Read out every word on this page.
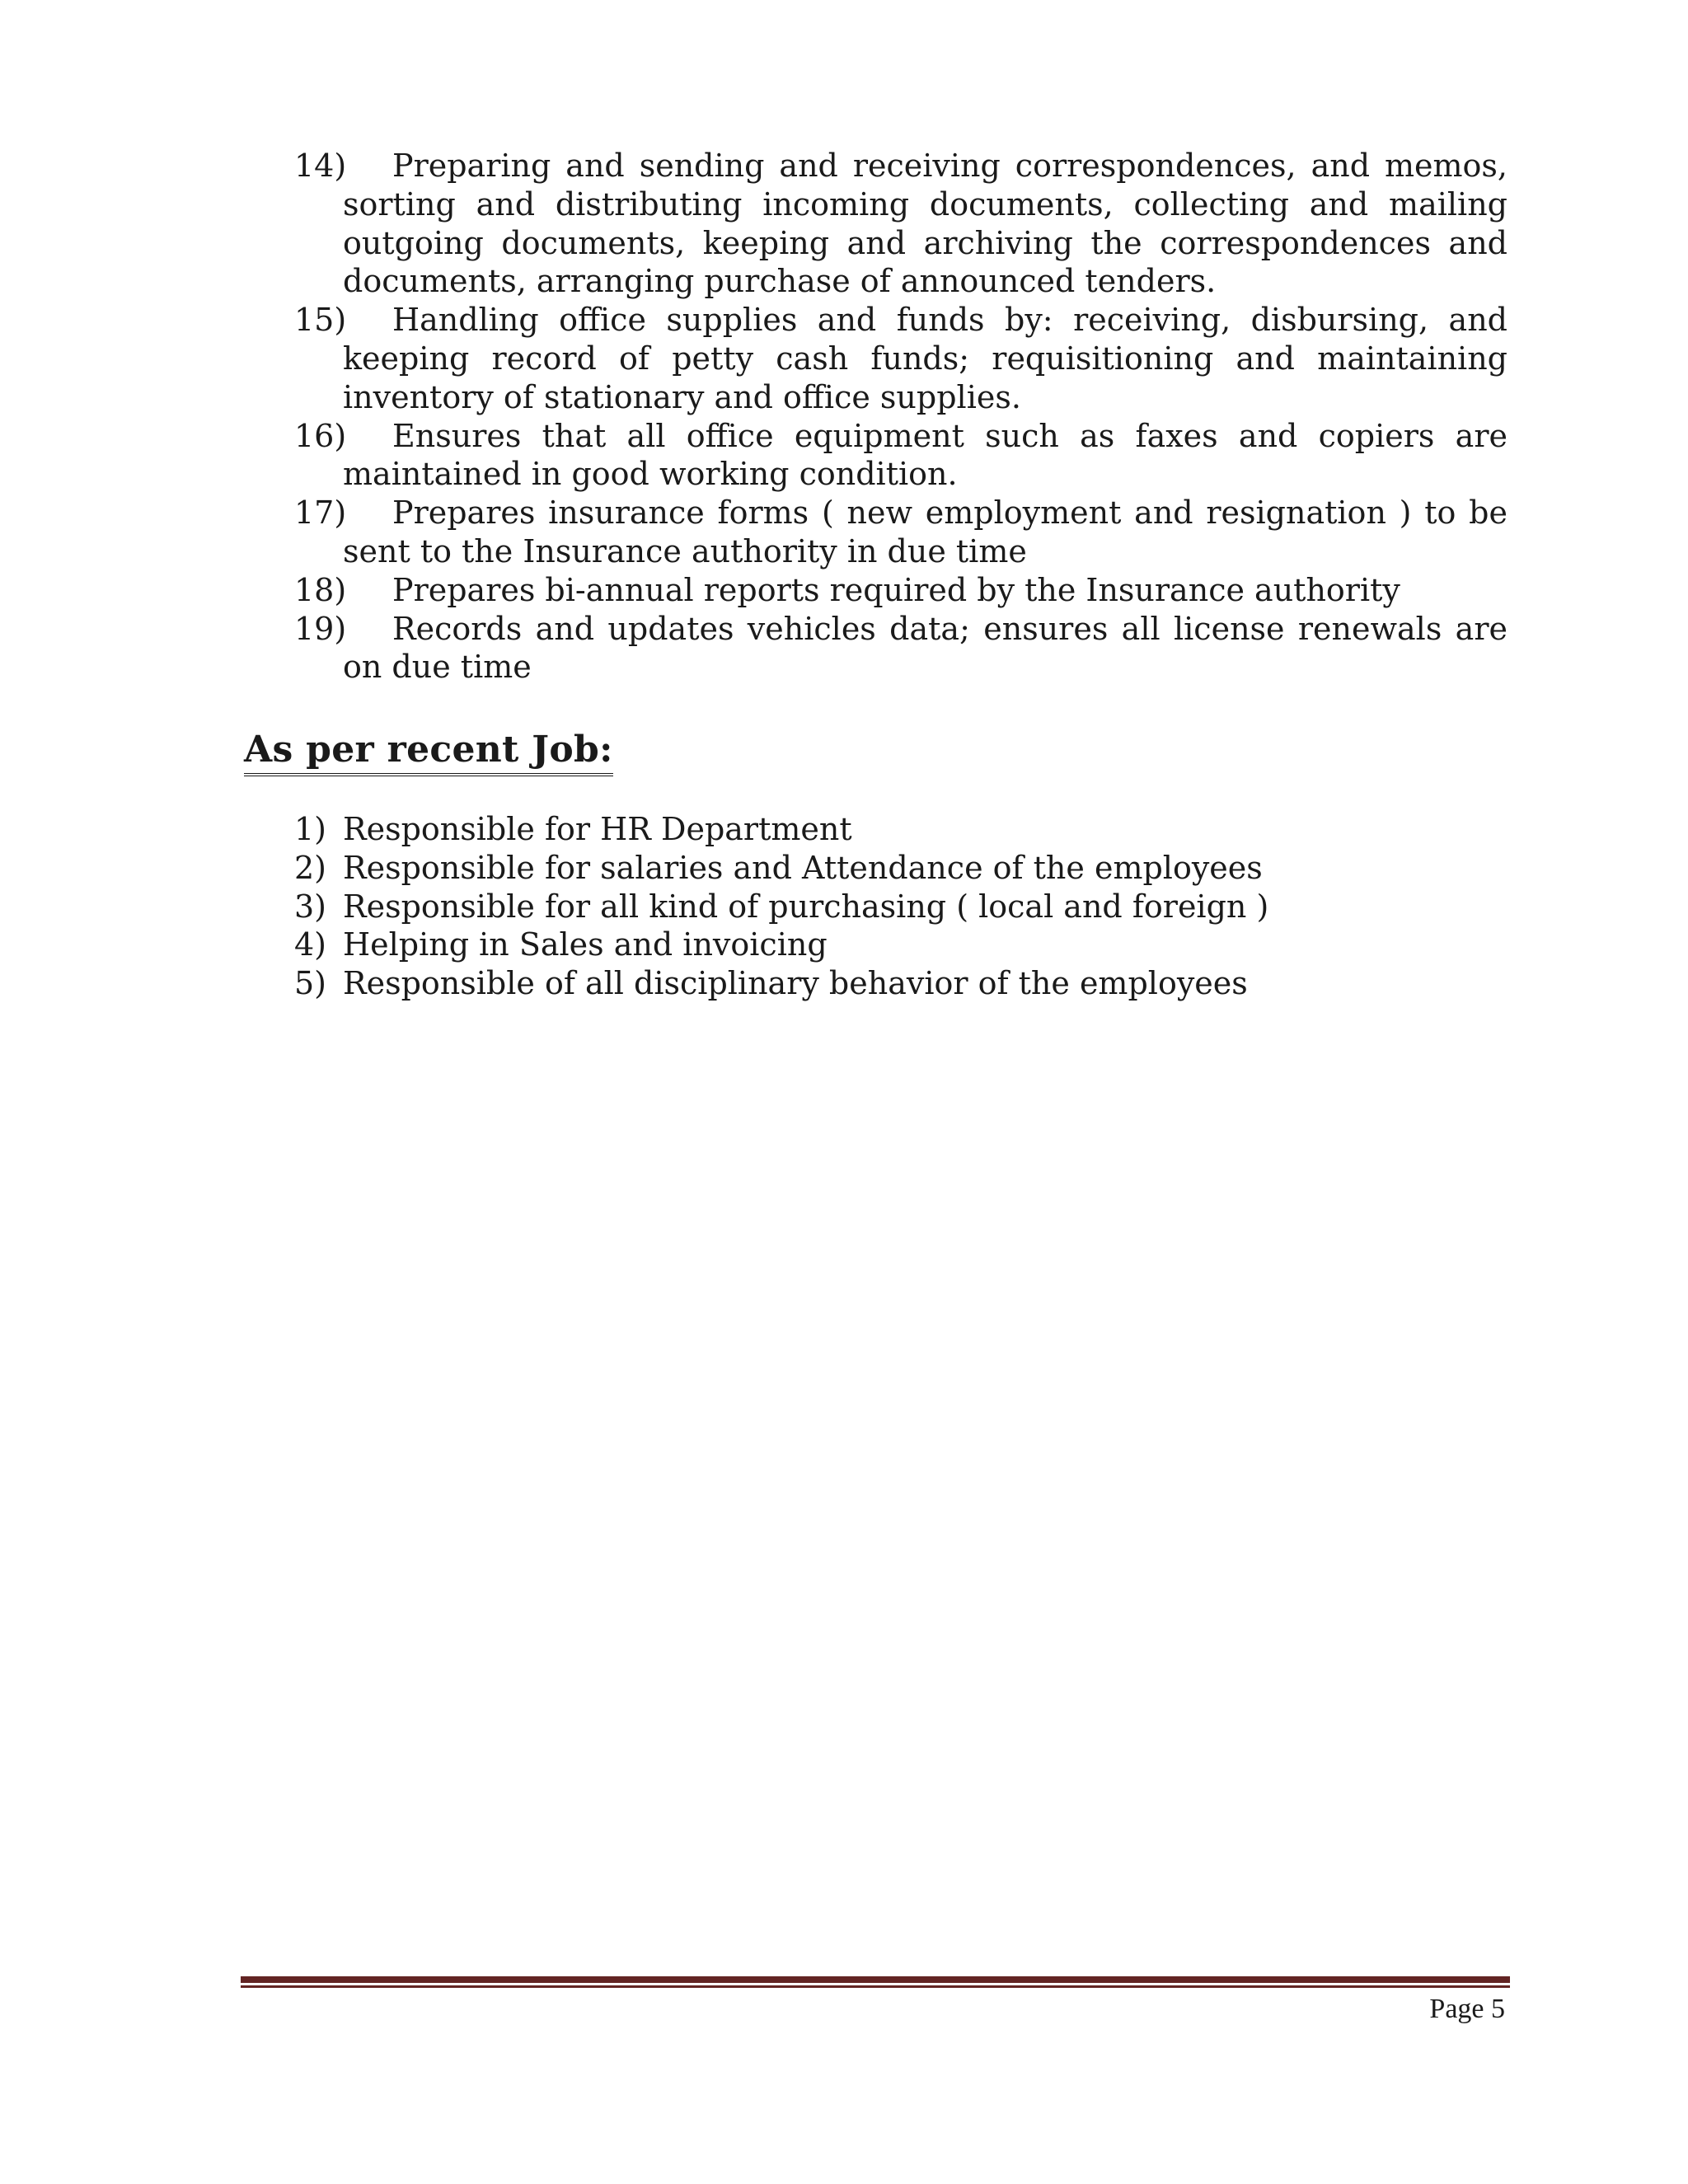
14) Preparing and sending and receiving correspondences, and memos, sorting and distributing incoming documents, collecting and mailing outgoing documents, keeping and archiving the correspondences and documents, arranging purchase of announced tenders.
15) Handling office supplies and funds by: receiving, disbursing, and keeping record of petty cash funds; requisitioning and maintaining inventory of stationary and office supplies.
16) Ensures that all office equipment such as faxes and copiers are maintained in good working condition.
17) Prepares insurance forms ( new employment and resignation ) to be sent to the Insurance authority in due time
18) Prepares bi-annual reports required by the Insurance authority
19) Records and updates vehicles data; ensures all license renewals are on due time
As per recent Job:
1) Responsible for HR Department
2) Responsible for salaries and Attendance of the employees
3) Responsible for all kind of purchasing ( local and foreign )
4) Helping in Sales and invoicing
5) Responsible of all disciplinary behavior of the employees
Page 5
